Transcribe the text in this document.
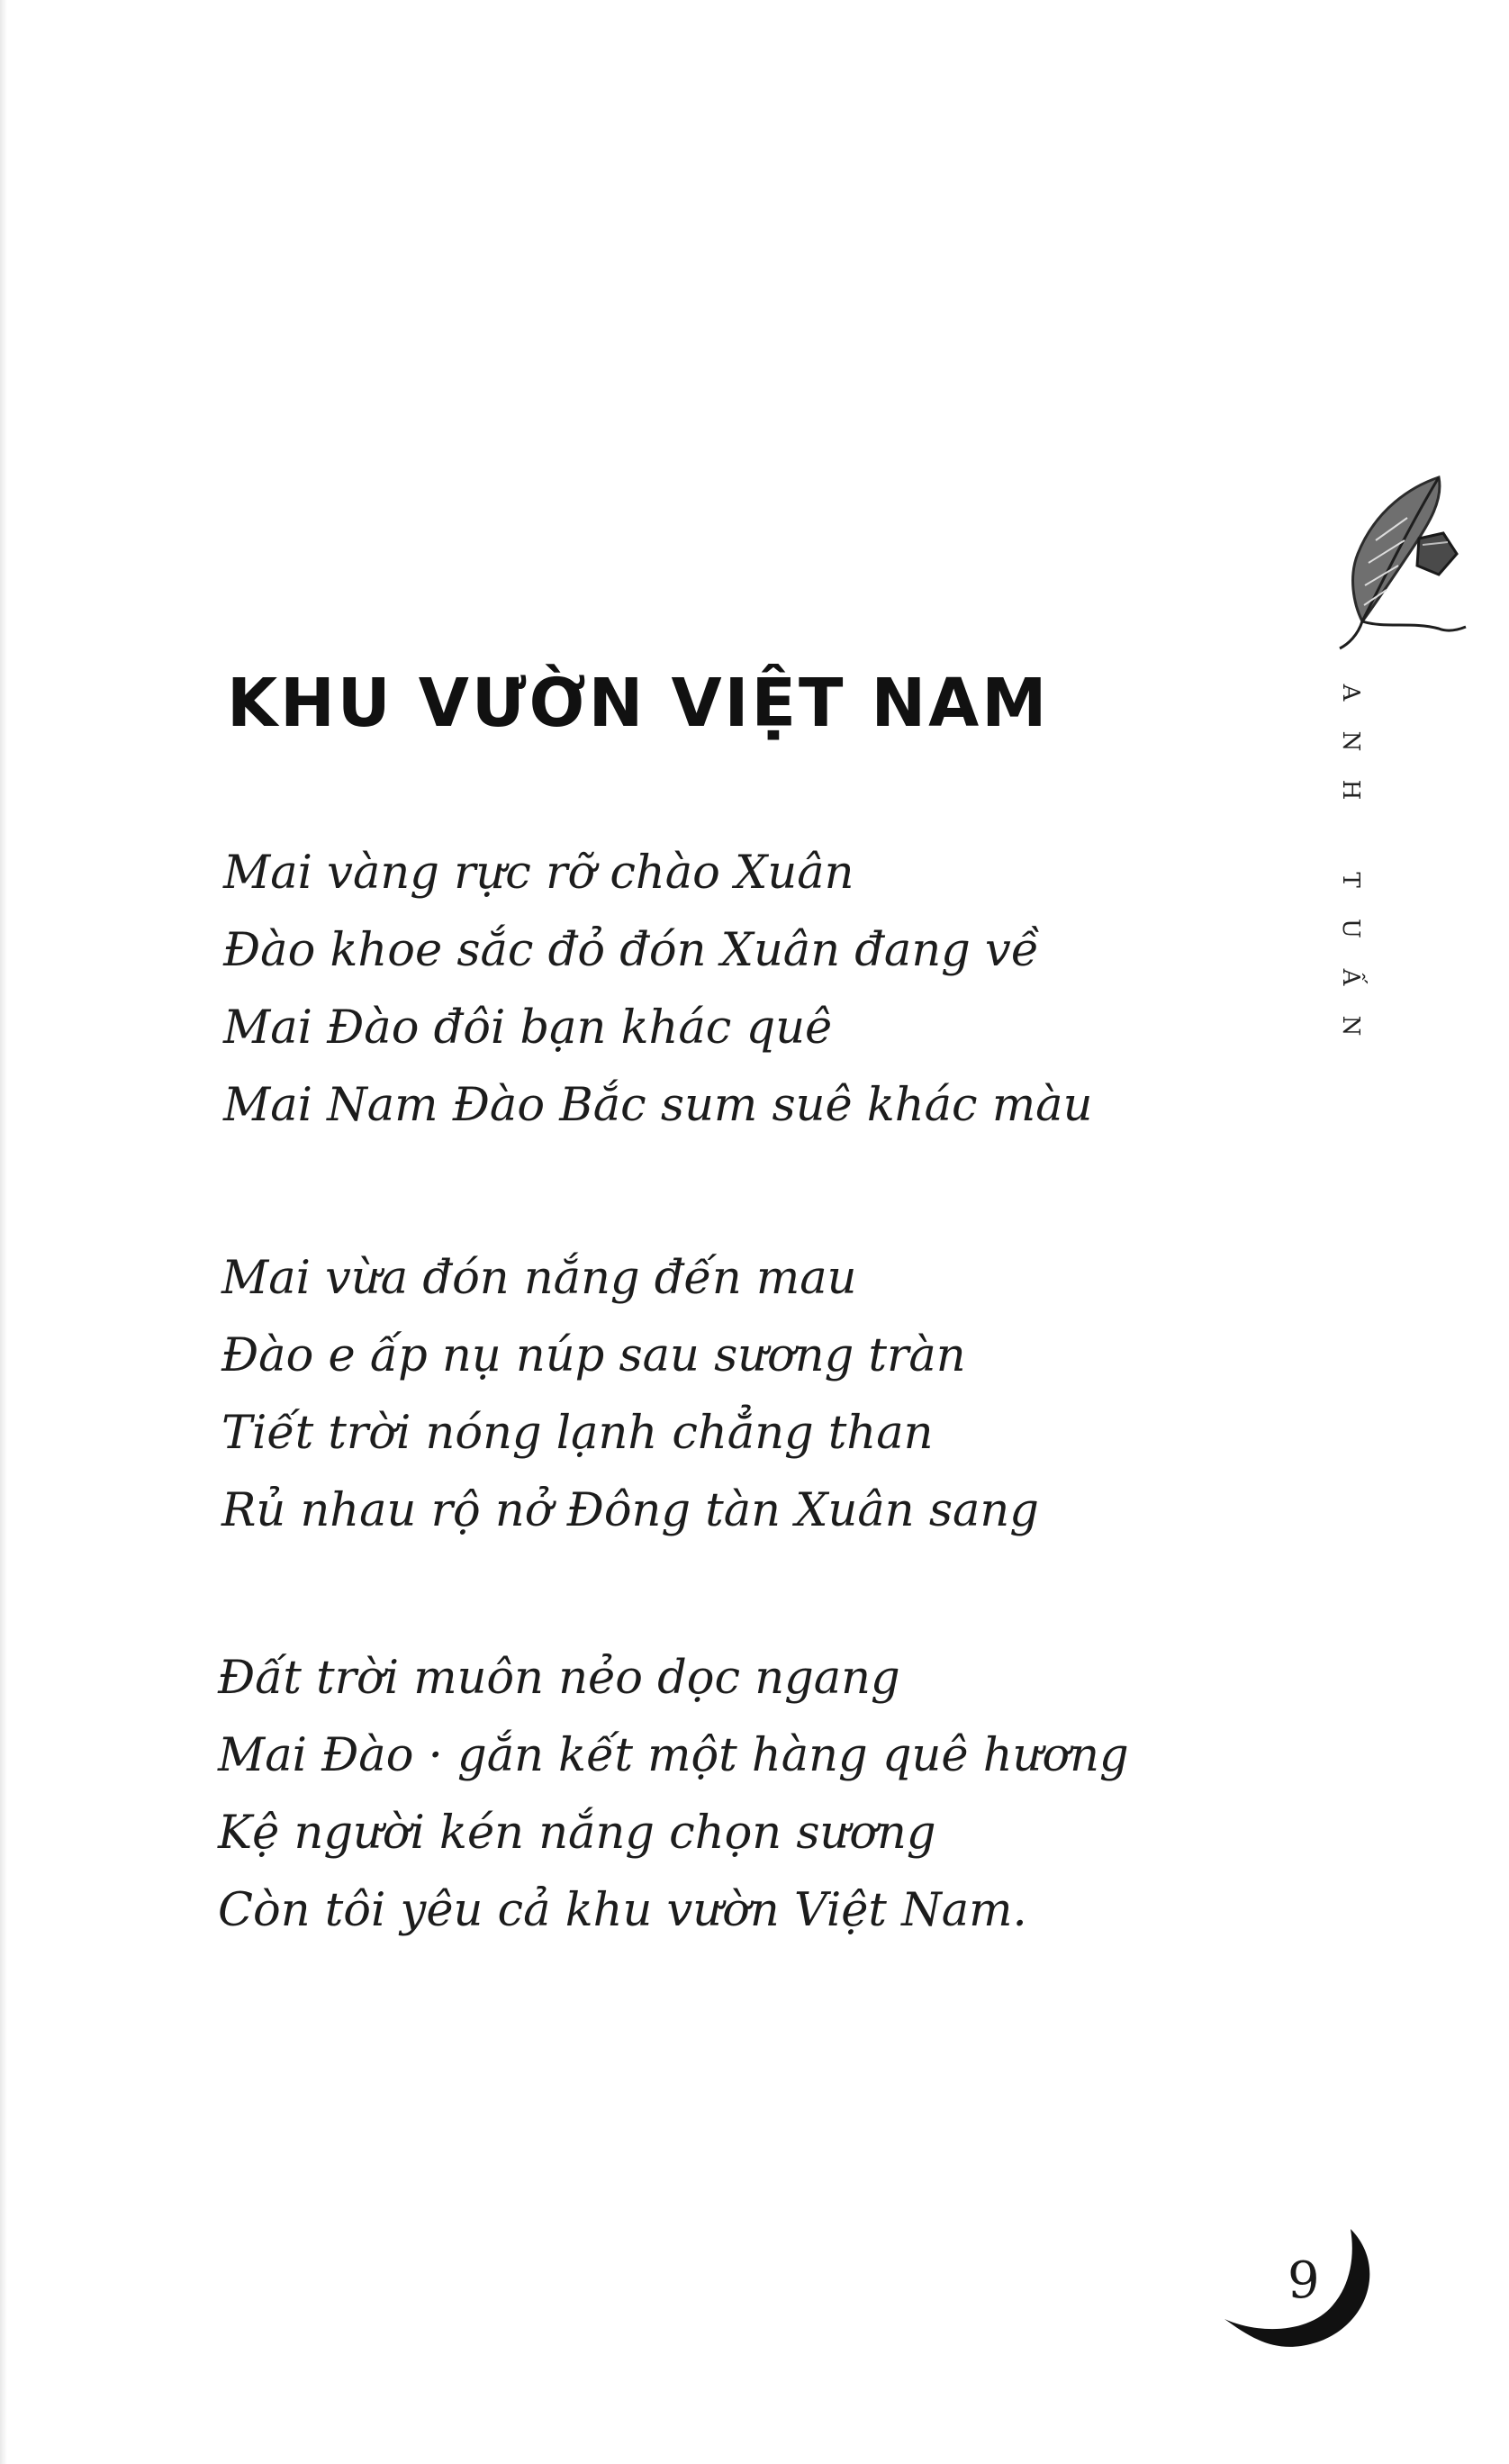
KHU VƯỜN VIỆT NAM
Mai vàng rực rỡ chào Xuân
Đào khoe sắc đỏ đón Xuân đang về
Mai Đào đôi bạn khác quê
Mai Nam Đào Bắc sum suê khác màu
Mai vừa đón nắng đến mau
Đào e ấp nụ núp sau sương tràn
Tiết trời nóng lạnh chẳng than
Rủ nhau rộ nở Đông tàn Xuân sang
Đất trời muôn nẻo dọc ngang
Mai Đào · gắn kết một hàng quê hương
Kệ người kén nắng chọn sương
Còn tôi yêu cả khu vườn Việt Nam.
A
N
H
T
U
Ấ
N
9
